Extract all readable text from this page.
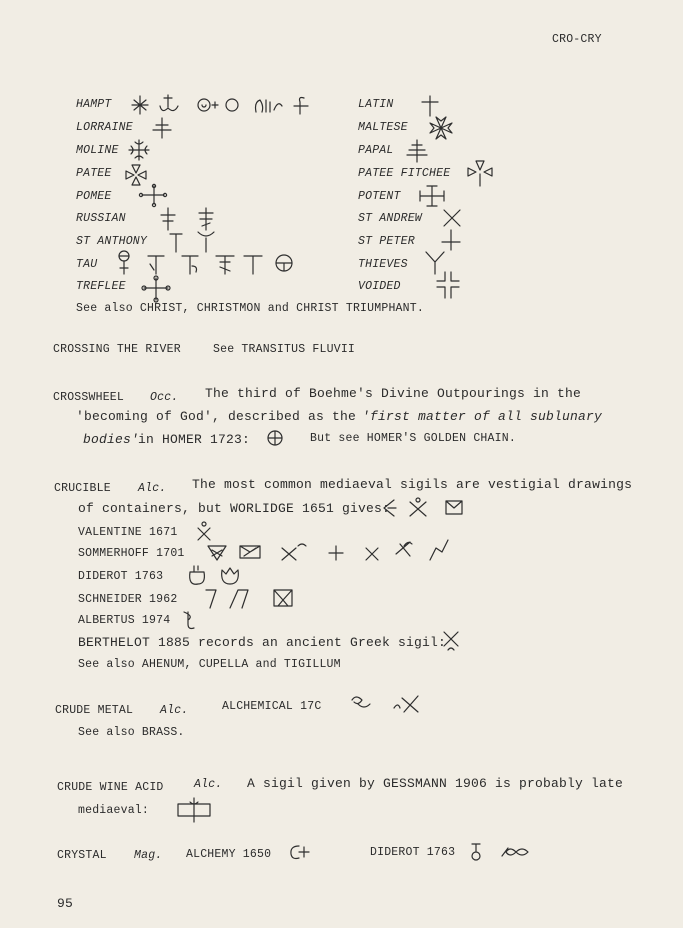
CRO-CRY
HAMPT
LORRAINE
MOLINE
PATEE
POMEE
RUSSIAN
ST ANTHONY
TAU
TREFLEE
LATIN
MALTESE
PAPAL
PATEE FITCHEE
POTENT
ST ANDREW
ST PETER
THIEVES
VOIDED
See also CHRIST, CHRISTMON and CHRIST TRIUMPHANT.
CROSSING THE RIVER	See TRANSITUS FLUVII
CROSSWHEEL Occ. The third of Boehme's Divine Outpourings in the
'becoming of God', described as the 'first matter of all sublunary
bodies'
in HOMER 1723:	But see HOMER'S GOLDEN CHAIN.
CRUCIBLE Alc. The most common mediaeval sigils are vestigial drawings
of containers, but WORLIDGE 1651 gives:
VALENTINE 1671
SOMMERHOFF 1701
DIDEROT 1763
SCHNEIDER 1962
ALBERTUS 1974
BERTHELOT 1885 records an ancient Greek sigil:
See also AHENUM, CUPELLA and TIGILLUM
CRUDE METAL Alc.	ALCHEMICAL 17C
See also BRASS.
CRUDE WINE ACID	Alc. A sigil given by GESSMANN 1906 is probably late
mediaeval:
CRYSTAL Mag. ALCHEMY 1650	DIDEROT 1763
95
